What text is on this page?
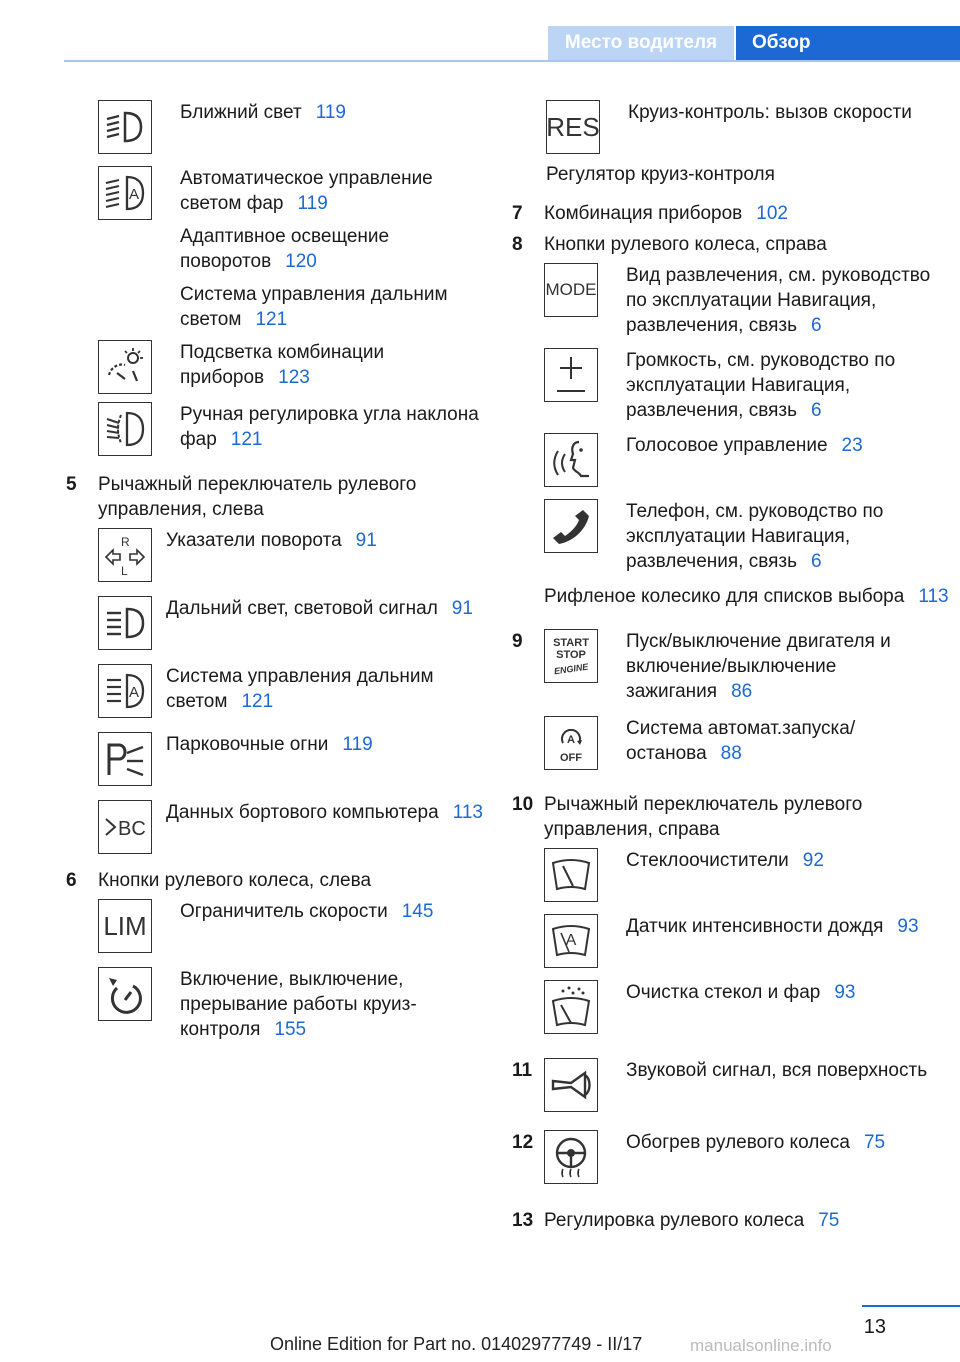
Место водителя	Обзор

Ближний свет 119

A

Автоматическое управление светом фар 119

Адаптивное освещение поворотов 120

Система управления дальним светом 121

Подсветка комбинации приборов 123

Ручная регулировка угла наклона фар 121

5	Рычажный переключатель рулевого управления, слева
R
L

Указатели поворота 91

Дальний свет, световой сигнал 91

A

Система управления дальним светом 121

Парковочные огни 119

BC

Данных бортового компьютера 113

6	Кнопки рулевого колеса, слева
LIM Ограничитель скорости 145

Включение, выключение, прерывание работы круиз-контроля 155

RES Круиз-контроль: вызов скорости

Регулятор круиз-контроля

7	Комбинация приборов 102
8	Кнопки рулевого колеса, справа
MODE

Вид развлечения, см. руководство по эксплуатации Навигация, развлечения, связь 6

Громкость, см. руководство по эксплуатации Навигация, развлечения, связь 6

Голосовое управление 23

Телефон, см. руководство по эксплуатации Навигация, развлечения, связь 6

Рифленое колесико для списков выбора 113

9	START
STOP
ENGINE

Пуск/выключение двигателя и включение/выключение зажигания 86

A
OFF

Система автомат.запуска/останова 88

10 Рычажный переключатель рулевого управления, справа

Стеклоочистители 92

A

Датчик интенсивности дождя 93

Очистка стекол и фар 93

11	Звуковой сигнал, вся поверхность

12	Обогрев рулевого колеса 75

13 Регулировка рулевого колеса 75
13
Online Edition for Part no. 01402977749 - II/17	manualsonline.info
